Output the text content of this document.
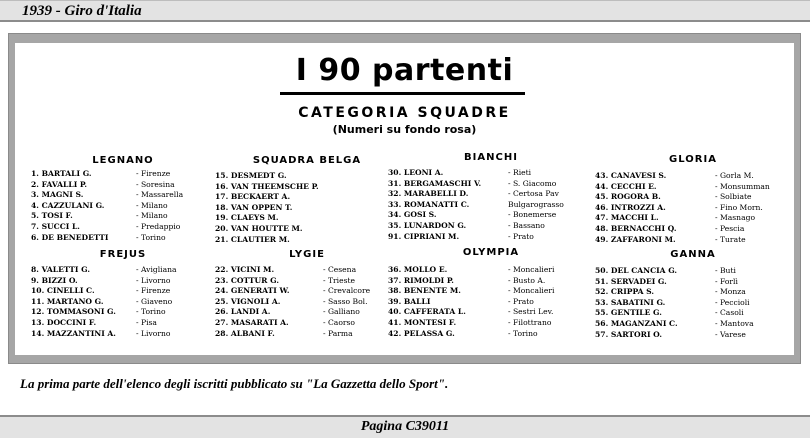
1939 - Giro d'Italia
I 90 partenti
CATEGORIA SQUADRE
(Numeri su fondo rosa)
LEGNANO
1. BARTALI G.	- Firenze
2. FAVALLI P.	- Soresina
3. MAGNI S.	- Massarella
4. CAZZULANI G.	- Milano
5. TOSI F.	- Milano
7. SUCCI L.	- Predappio
6. DE BENEDETTI	- Torino
FREJUS
8. VALETTI G.	- Avigliana
9. BIZZI O.	- Livorno
10. CINELLI C.	- Firenze
11. MARTANO G.	- Giaveno
12. TOMMASONI G.	- Torino
13. DOCCINI F.	- Pisa
14. MAZZANTINI A.	- Livorno
SQUADRA BELGA
15. DESMEDT G.
16. VAN THEEMSCHE P.
17. BECKAERT A.
18. VAN OPPEN T.
19. CLAEYS M.
20. VAN HOUTTE M.
21. CLAUTIER M.
LYGIE
22. VICINI M.	- Cesena
23. COTTUR G.	- Trieste
24. GENERATI W.	- Crevalcore
25. VIGNOLI A.	- Sasso Bol.
26. LANDI A.	- Galliano
27. MASARATI A.	- Caorso
28. ALBANI F.	- Parma
BIANCHI
30. LEONI A.	- Rieti
31. BERGAMASCHI V.	- S. Giacomo
32. MARABELLI D.	- Certosa Pav
33. ROMANATTI C.	Bulgarograsso
34. GOSI S.	- Bonemerse
35. LUNARDON G.	- Bassano
91. CIPRIANI M.	- Prato
OLYMPIA
36. MOLLO E.	- Moncalieri
37. RIMOLDI P.	- Busto A.
38. BENENTE M.	- Moncalieri
39. BALLI	- Prato
40. CAFFERATA L.	- Sestri Lev.
41. MONTESI F.	- Filottrano
42. PELASSA G.	- Torino
GLORIA
43. CANAVESI S.	- Gorla M.
44. CECCHI E.	- Monsumman
45. ROGORA B.	- Solbiate
46. INTROZZI A.	- Fino Morn.
47. MACCHI L.	- Masnago
48. BERNACCHI Q.	- Pescia
49. ZAFFARONI M.	- Turate
GANNA
50. DEL CANCIA G.	- Buti
51. SERVADEI G.	- Forlì
52. CRIPPA S.	- Monza
53. SABATINI G.	- Peccioli
55. GENTILE G.	- Casoli
56. MAGANZANI C.	- Mantova
57. SARTORI O.	- Varese
La prima parte dell'elenco degli iscritti pubblicato su "La Gazzetta dello Sport".
Pagina C39011
